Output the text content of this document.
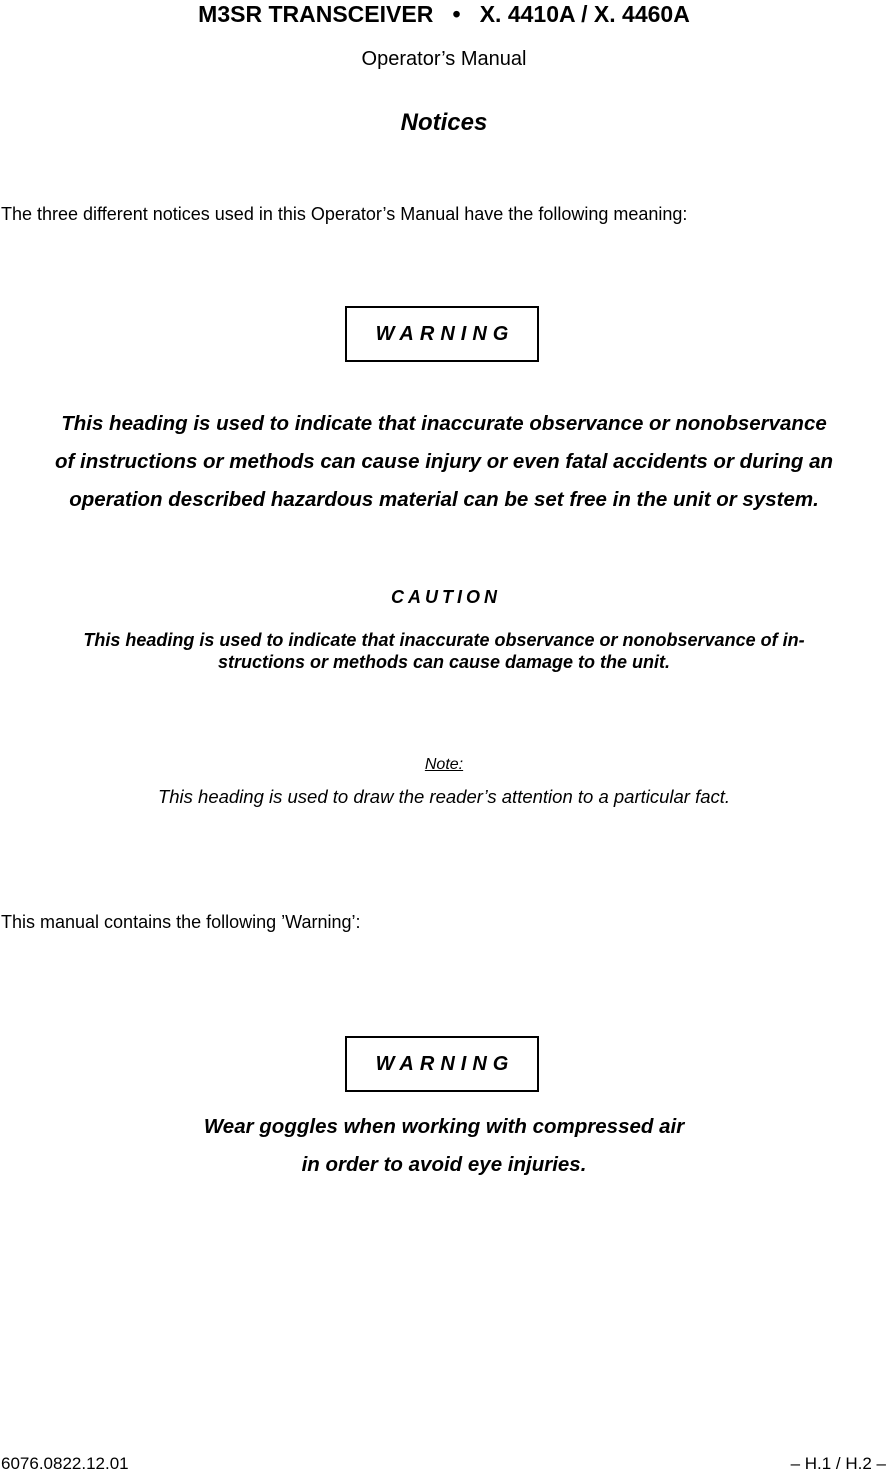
M3SR TRANSCEIVER   •   X. 4410A / X. 4460A
Operator’s Manual
Notices
The three different notices used in this Operator’s Manual have the following meaning:
WARNING
This heading is used to indicate that inaccurate observance or nonobservance
of instructions or methods can cause injury or even fatal accidents or during an
operation described hazardous material can be set free in the unit or system.
CAUTION
This heading is used to indicate that inaccurate observance or nonobservance of in-
structions or methods can cause damage to the unit.
Note:
This heading is used to draw the reader’s attention to a particular fact.
This manual contains the following ’Warning’:
WARNING
Wear goggles when working with compressed air
in order to avoid eye injuries.
6076.0822.12.01	– H.1 / H.2 –
